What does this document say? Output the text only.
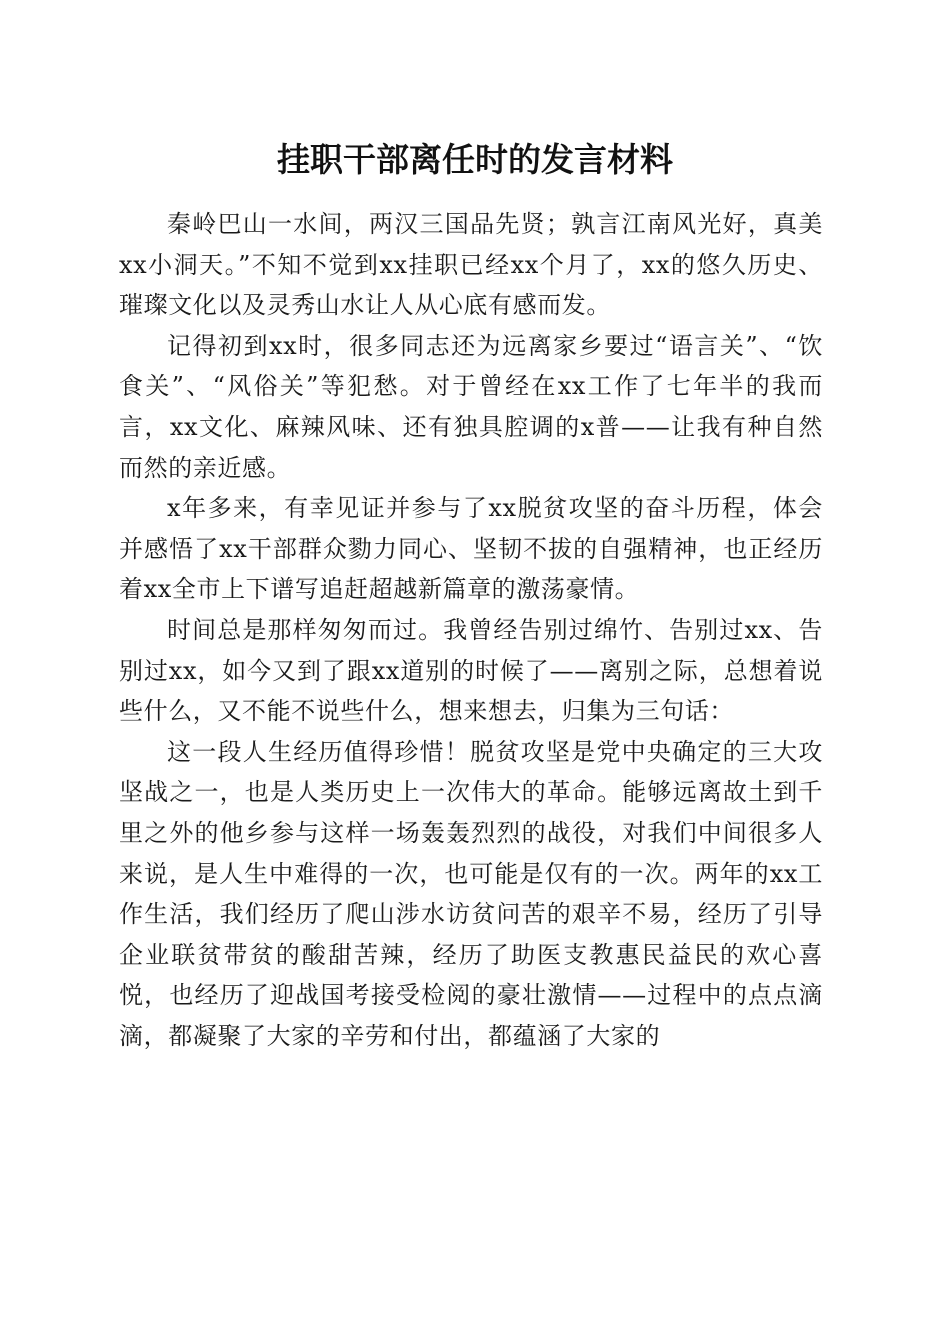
挂职干部离任时的发言材料

秦岭巴山一水间，两汉三国品先贤；孰言江南风光好，真美xx小洞天。”不知不觉到xx挂职已经xx个月了，xx的悠久历史、璀璨文化以及灵秀山水让人从心底有感而发。

记得初到xx时，很多同志还为远离家乡要过“语言关”、“饮食关”、“风俗关”等犯愁。对于曾经在xx工作了七年半的我而言，xx文化、麻辣风味、还有独具腔调的x普——让我有种自然而然的亲近感。

x年多来，有幸见证并参与了xx脱贫攻坚的奋斗历程，体会并感悟了xx干部群众勠力同心、坚韧不拔的自强精神，也正经历着xx全市上下谱写追赶超越新篇章的激荡豪情。

时间总是那样匆匆而过。我曾经告别过绵竹、告别过xx、告别过xx，如今又到了跟xx道别的时候了——离别之际，总想着说些什么，又不能不说些什么，想来想去，归集为三句话：

这一段人生经历值得珍惜！脱贫攻坚是党中央确定的三大攻坚战之一，也是人类历史上一次伟大的革命。能够远离故土到千里之外的他乡参与这样一场轰轰烈烈的战役，对我们中间很多人来说，是人生中难得的一次，也可能是仅有的一次。两年的xx工作生活，我们经历了爬山涉水访贫问苦的艰辛不易，经历了引导企业联贫带贫的酸甜苦辣，经历了助医支教惠民益民的欢心喜悦，也经历了迎战国考接受检阅的豪壮激情——过程中的点点滴滴，都凝聚了大家的辛劳和付出，都蕴涵了大家的
